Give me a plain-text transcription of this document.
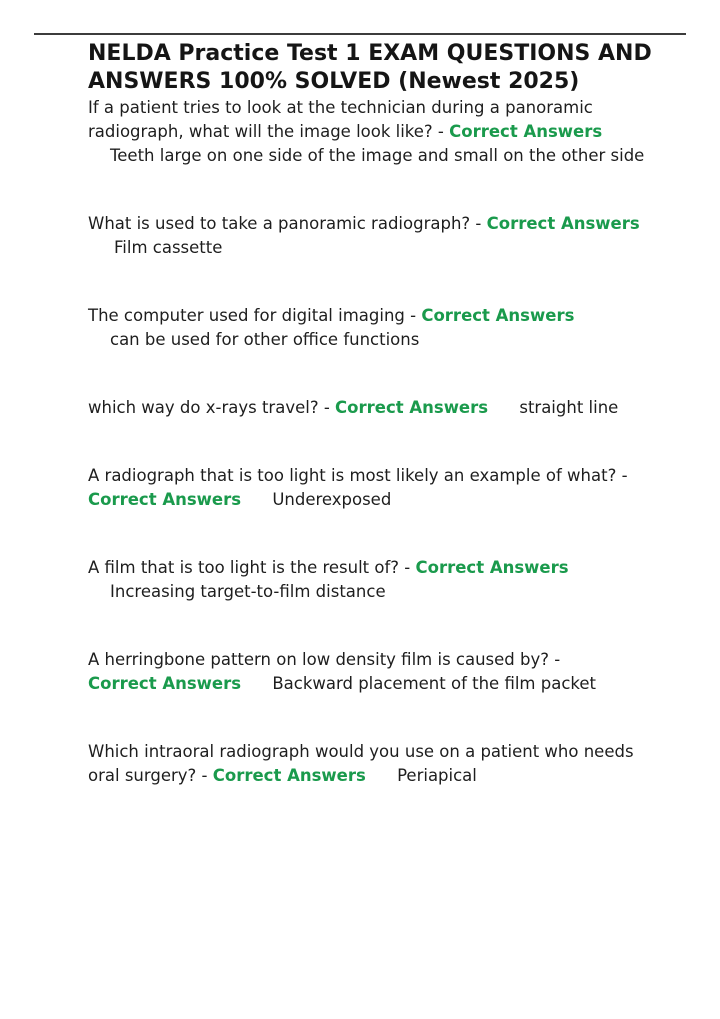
NELDA Practice Test 1 EXAM QUESTIONS AND ANSWERS 100% SOLVED (Newest 2025)

If a patient tries to look at the technician during a panoramic radiograph, what will the image look like? - Correct Answers
Teeth large on one side of the image and small on the other side

What is used to take a panoramic radiograph? - Correct Answers Film cassette

The computer used for digital imaging - Correct Answers
can be used for other office functions

which way do x-rays travel? - Correct Answers straight line

A radiograph that is too light is most likely an example of what? - Correct Answers Underexposed

A film that is too light is the result of? - Correct Answers
Increasing target-to-film distance

A herringbone pattern on low density film is caused by? -
Correct Answers Backward placement of the film packet

Which intraoral radiograph would you use on a patient who needs oral surgery? - Correct Answers Periapical
